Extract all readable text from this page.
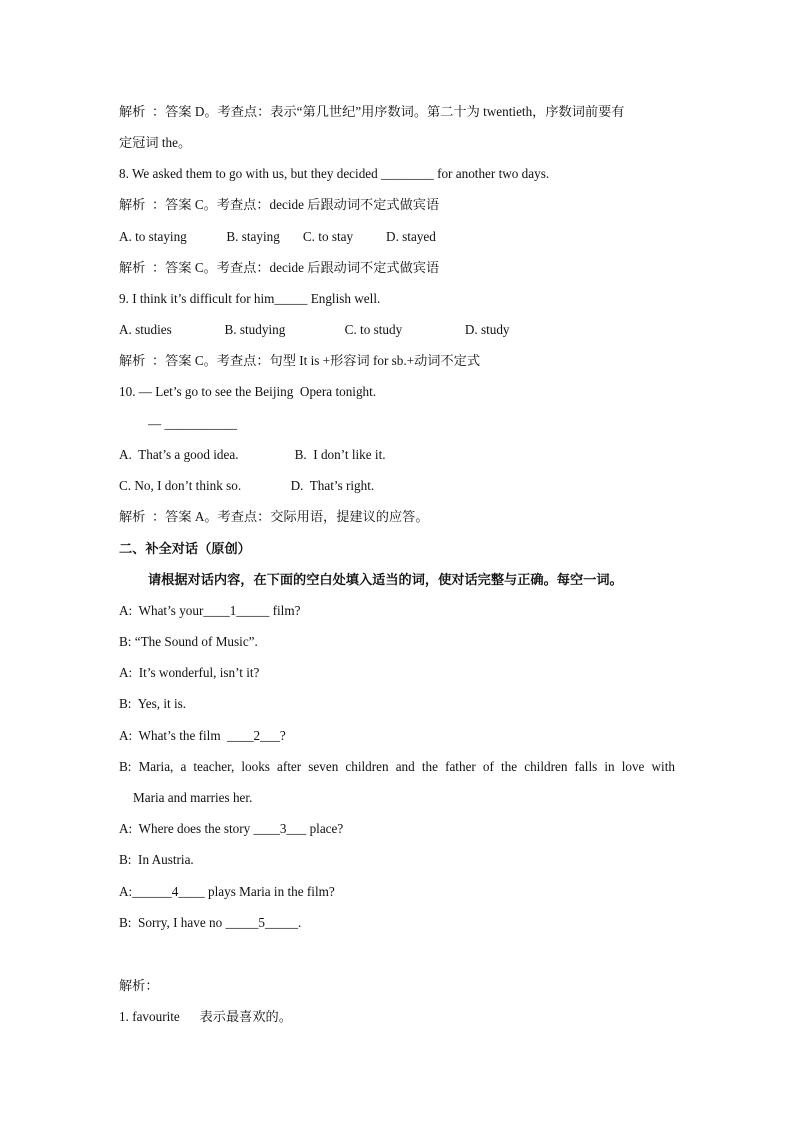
解析  ：答案 D。考查点：表示“第几世纪”用序数词。第二十为 twentieth，序数词前要有
定冠词 the。
8. We asked them to go with us, but they decided ________ for another two days.
解析  ：答案 C。考查点：decide 后跟动词不定式做宾语
A. to staying            B. staying       C. to stay          D. stayed
解析  ：答案 C。考查点：decide 后跟动词不定式做宾语
9. I think it’s difficult for him_____ English well.
A. studies                B. studying                  C. to study                   D. study
解析  ：答案 C。考查点：句型 It is +形容词 for sb.+动词不定式
10. — Let’s go to see the Beijing  Opera tonight.
— ___________
A.  That’s a good idea.                 B.  I don’t like it.
C. No, I don’t think so.               D.  That’s right.
解析  ：答案 A。考查点：交际用语，提建议的应答。
二、补全对话（原创）
请根据对话内容，在下面的空白处填入适当的词，使对话完整与正确。每空一词。
A:  What’s your____1_____ film?
B: “The Sound of Music”.
A:  It’s wonderful, isn’t it?
B:  Yes, it is.
A:  What’s the film  ____2___?
B: Maria, a teacher, looks after seven children and the father of the children falls in love with
Maria and marries her.
A:  Where does the story ____3___ place?
B:  In Austria.
A:______4____ plays Maria in the film?
B:  Sorry, I have no _____5_____.
解析：
1. favourite      表示最喜欢的。
